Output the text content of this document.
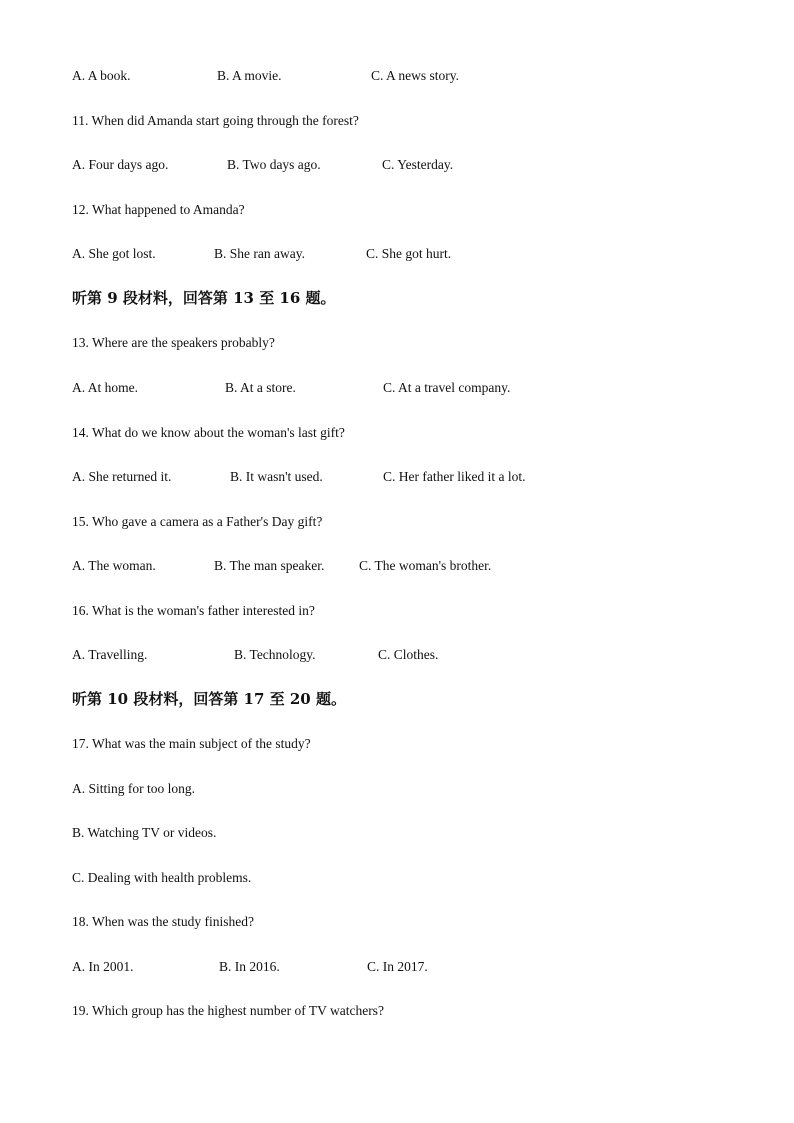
A. A book.	B. A movie.	C. A news story.
11. When did Amanda start going through the forest?
A. Four days ago.	B. Two days ago.	C. Yesterday.
12. What happened to Amanda?
A. She got lost.	B. She ran away.	C. She got hurt.
听第 9 段材料，回答第 13 至 16 题。
13. Where are the speakers probably?
A. At home.	B. At a store.	C. At a travel company.
14. What do we know about the woman's last gift?
A. She returned it.	B. It wasn't used.	C. Her father liked it a lot.
15. Who gave a camera as a Father's Day gift?
A. The woman.	B. The man speaker.	C. The woman's brother.
16. What is the woman's father interested in?
A. Travelling.	B. Technology.	C. Clothes.
听第 10 段材料，回答第 17 至 20 题。
17. What was the main subject of the study?
A. Sitting for too long.
B. Watching TV or videos.
C. Dealing with health problems.
18. When was the study finished?
A. In 2001.	B. In 2016.	C. In 2017.
19. Which group has the highest number of TV watchers?
